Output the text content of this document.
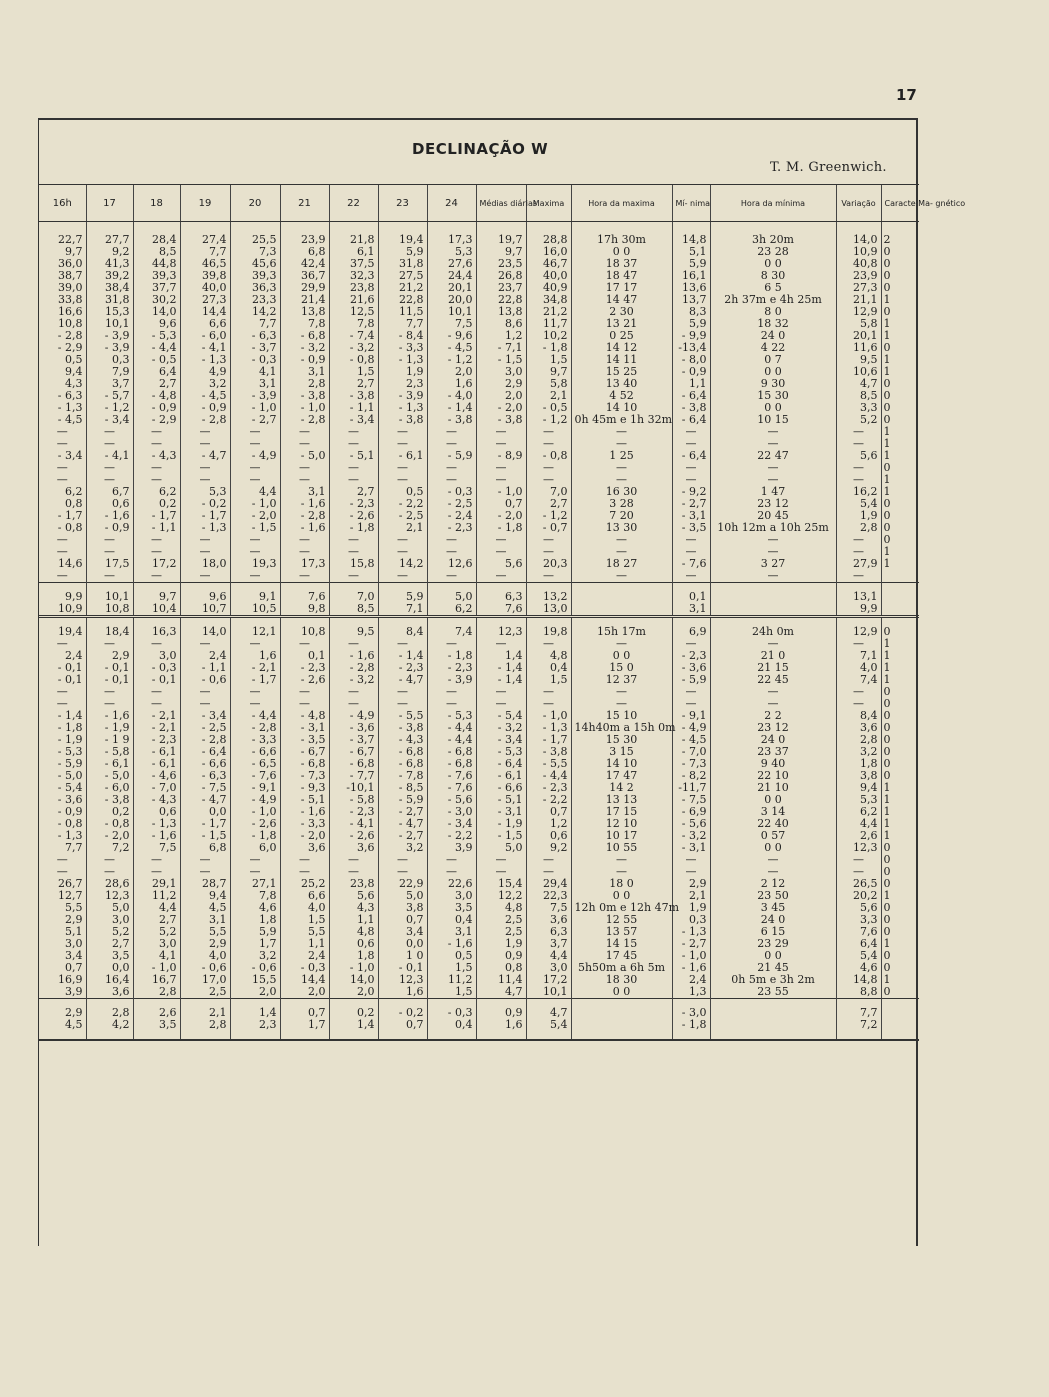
17
DECLINAÇÃO W
T. M. Greenwich.
16h	17	18	19	20	21	22	23	24	Médias diárias	Maxima	Hora da maxima	Mí- nima	Hora da mínima	Variação	Caracte Ma- gnético

22,7	27,7	28,4	27,4	25,5	23,9	21,8	19,4	17,3	19,7	28,8	17h 30m	14,8	3h 20m	14,0	2
9,7	9,2	8,5	7,7	7,3	6,8	6,1	5,9	5,3	9,7	16,0	0 0	5,1	23 28	10,9	0
36,0	41,3	44,8	46,5	45,6	42,4	37,5	31,8	27,6	23,5	46,7	18 37	5,9	0 0	40,8	0
38,7	39,2	39,3	39,8	39,3	36,7	32,3	27,5	24,4	26,8	40,0	18 47	16,1	8 30	23,9	0
39,0	38,4	37,7	40,0	36,3	29,9	23,8	21,2	20,1	23,7	40,9	17 17	13,6	6 5	27,3	0
33,8	31,8	30,2	27,3	23,3	21,4	21,6	22,8	20,0	22,8	34,8	14 47	13,7	2h 37m e 4h 25m	21,1	1
16,6	15,3	14,0	14,4	14,2	13,8	12,5	11,5	10,1	13,8	21,2	2 30	8,3	8 0	12,9	0
10,8	10,1	9,6	6,6	7,7	7,8	7,8	7,7	7,5	8,6	11,7	13 21	5,9	18 32	5,8	1
- 2,8	- 3,9	- 5,3	- 6,0	- 6,3	- 6,8	- 7,4	- 8,4	- 9,6	1,2	10,2	0 25	- 9,9	24 0	20,1	1
- 2,9	- 3,9	- 4,4	- 4,1	- 3,7	- 3,2	- 3,2	- 3,3	- 4,5	- 7,1	- 1,8	14 12	-13,4	4 22	11,6	0
0,5	0,3	- 0,5	- 1,3	- 0,3	- 0,9	- 0,8	- 1,3	- 1,2	- 1,5	1,5	14 11	- 8,0	0 7	9,5	1
9,4	7,9	6,4	4,9	4,1	3,1	1,5	1,9	2,0	3,0	9,7	15 25	- 0,9	0 0	10,6	1
4,3	3,7	2,7	3,2	3,1	2,8	2,7	2,3	1,6	2,9	5,8	13 40	1,1	9 30	4,7	0
- 6,3	- 5,7	- 4,8	- 4,5	- 3,9	- 3,8	- 3,8	- 3,9	- 4,0	2,0	2,1	4 52	- 6,4	15 30	8,5	0
- 1,3	- 1,2	- 0,9	- 0,9	- 1,0	- 1,0	- 1,1	- 1,3	- 1,4	- 2,0	- 0,5	14 10	- 3,8	0 0	3,3	0
- 4,5	- 3,4	- 2,9	- 2,8	- 2,7	- 2,8	- 3,4	- 3,8	- 3,8	- 3,8	- 1,2	0h 45m e 1h 32m	- 6,4	10 15	5,2	0
—	—	—	—	—	—	—	—	—	—	—	—	—	—	—	1
—	—	—	—	—	—	—	—	—	—	—	—	—	—	—	1
- 3,4	- 4,1	- 4,3	- 4,7	- 4,9	- 5,0	- 5,1	- 6,1	- 5,9	- 8,9	- 0,8	1 25	- 6,4	22 47	5,6	1
—	—	—	—	—	—	—	—	—	—	—	—	—	—	—	0
—	—	—	—	—	—	—	—	—	—	—	—	—	—	—	1
6,2	6,7	6,2	5,3	4,4	3,1	2,7	0,5	- 0,3	- 1,0	7,0	16 30	- 9,2	1 47	16,2	1
0,8	0,6	0,2	- 0,2	- 1,0	- 1,6	- 2,3	- 2,2	- 2,5	0,7	2,7	3 28	- 2,7	23 12	5,4	0
- 1,7	- 1,6	- 1,7	- 1,7	- 2,0	- 2,8	- 2,6	- 2,5	- 2,4	- 2,0	- 1,2	7 20	- 3,1	20 45	1,9	0
- 0,8	- 0,9	- 1,1	- 1,3	- 1,5	- 1,6	- 1,8	2,1	- 2,3	- 1,8	- 0,7	13 30	- 3,5	10h 12m a 10h 25m	2,8	0
—	—	—	—	—	—	—	—	—	—	—	—	—	—	—	0
—	—	—	—	—	—	—	—	—	—	—	—	—	—	—	1
14,6	17,5	17,2	18,0	19,3	17,3	15,8	14,2	12,6	5,6	20,3	18 27	- 7,6	3 27	27,9	1
—	—	—	—	—	—	—	—	—	—	—	—	—	—	—	

9,9	10,1	9,7	9,6	9,1	7,6	7,0	5,9	5,0	6,3	13,2		0,1		13,1	
10,9	10,8	10,4	10,7	10,5	9,8	8,5	7,1	6,2	7,6	13,0		3,1		9,9	

19,4	18,4	16,3	14,0	12,1	10,8	9,5	8,4	7,4	12,3	19,8	15h 17m	6,9	24h 0m	12,9	0
—	—	—	—	—	—	—	—	—	—	—	—	—	—	—	1
2,4	2,9	3,0	2,4	1,6	0,1	- 1,6	- 1,4	- 1,8	1,4	4,8	0 0	- 2,3	21 0	7,1	1
- 0,1	- 0,1	- 0,3	- 1,1	- 2,1	- 2,3	- 2,8	- 2,3	- 2,3	- 1,4	0,4	15 0	- 3,6	21 15	4,0	1
- 0,1	- 0,1	- 0,1	- 0,6	- 1,7	- 2,6	- 3,2	- 4,7	- 3,9	- 1,4	1,5	12 37	- 5,9	22 45	7,4	1
—	—	—	—	—	—	—	—	—	—	—	—	—	—	—	0
—	—	—	—	—	—	—	—	—	—	—	—	—	—	—	0
- 1,4	- 1,6	- 2,1	- 3,4	- 4,4	- 4,8	- 4,9	- 5,5	- 5,3	- 5,4	- 1,0	15 10	- 9,1	2 2	8,4	0
- 1,8	- 1,9	- 2,1	- 2,5	- 2,8	- 3,1	- 3,6	- 3,8	- 4,4	- 3,2	- 1,3	14h40m a 15h 0m	- 4,9	23 12	3,6	0
- 1,9	- 1 9	- 2,3	- 2,8	- 3,3	- 3,5	- 3,7	- 4,3	- 4,4	- 3,4	- 1,7	15 30	- 4,5	24 0	2,8	0
- 5,3	- 5,8	- 6,1	- 6,4	- 6,6	- 6,7	- 6,7	- 6,8	- 6,8	- 5,3	- 3,8	3 15	- 7,0	23 37	3,2	0
- 5,9	- 6,1	- 6,1	- 6,6	- 6,5	- 6,8	- 6,8	- 6,8	- 6,8	- 6,4	- 5,5	14 10	- 7,3	9 40	1,8	0
- 5,0	- 5,0	- 4,6	- 6,3	- 7,6	- 7,3	- 7,7	- 7,8	- 7,6	- 6,1	- 4,4	17 47	- 8,2	22 10	3,8	0
- 5,4	- 6,0	- 7,0	- 7,5	- 9,1	- 9,3	-10,1	- 8,5	- 7,6	- 6,6	- 2,3	14 2	-11,7	21 10	9,4	1
- 3,6	- 3,8	- 4,3	- 4,7	- 4,9	- 5,1	- 5,8	- 5,9	- 5,6	- 5,1	- 2,2	13 13	- 7,5	0 0	5,3	1
- 0,9	0,2	0,6	0,0	- 1,0	- 1,6	- 2,3	- 2,7	- 3,0	- 3,1	0,7	17 15	- 6,9	3 14	6,2	1
- 0,8	- 0,8	- 1,3	- 1,7	- 2,6	- 3,3	- 4,1	- 4,7	- 3,4	- 1,9	1,2	12 10	- 5,6	22 40	4,4	1
- 1,3	- 2,0	- 1,6	- 1,5	- 1,8	- 2,0	- 2,6	- 2,7	- 2,2	- 1,5	0,6	10 17	- 3,2	0 57	2,6	1
7,7	7,2	7,5	6,8	6,0	3,6	3,6	3,2	3,9	5,0	9,2	10 55	- 3,1	0 0	12,3	0
—	—	—	—	—	—	—	—	—	—	—	—	—	—	—	0
—	—	—	—	—	—	—	—	—	—	—	—	—	—	—	0
26,7	28,6	29,1	28,7	27,1	25,2	23,8	22,9	22,6	15,4	29,4	18 0	2,9	2 12	26,5	0
12,7	12,3	11,2	9,4	7,8	6,6	5,6	5,0	3,0	12,2	22,3	0 0	2,1	23 50	20,2	1
5,5	5,0	4,4	4,5	4,6	4,0	4,3	3,8	3,5	4,8	7,5	12h 0m e 12h 47m	1,9	3 45	5,6	0
2,9	3,0	2,7	3,1	1,8	1,5	1,1	0,7	0,4	2,5	3,6	12 55	0,3	24 0	3,3	0
5,1	5,2	5,2	5,5	5,9	5,5	4,8	3,4	3,1	2,5	6,3	13 57	- 1,3	6 15	7,6	0
3,0	2,7	3,0	2,9	1,7	1,1	0,6	0,0	- 1,6	1,9	3,7	14 15	- 2,7	23 29	6,4	1
3,4	3,5	4,1	4,0	3,2	2,4	1,8	1 0	0,5	0,9	4,4	17 45	- 1,0	0 0	5,4	0
0,7	0,0	- 1,0	- 0,6	- 0,6	- 0,3	- 1,0	- 0,1	1,5	0,8	3,0	5h50m a 6h 5m	- 1,6	21 45	4,6	0
16,9	16,4	16,7	17,0	15,5	14,4	14,0	12,3	11,2	11,4	17,2	18 30	2,4	0h 5m e 3h 2m	14,8	1
3,9	3,6	2,8	2,5	2,0	2,0	2,0	1,6	1,5	4,7	10,1	0 0	1,3	23 55	8,8	0

2,9	2,8	2,6	2,1	1,4	0,7	0,2	- 0,2	- 0,3	0,9	4,7		- 3,0		7,7	
4,5	4,2	3,5	2,8	2,3	1,7	1,4	0,7	0,4	1,6	5,4		- 1,8		7,2	
